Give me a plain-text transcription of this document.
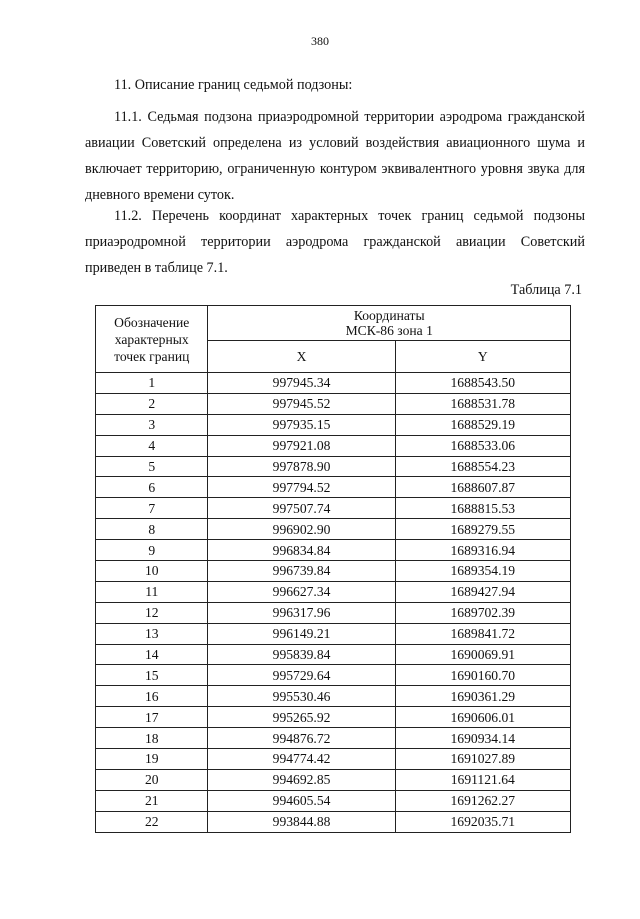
380

11. Описание границ седьмой подзоны:

11.1. Седьмая подзона приаэродромной территории аэродрома гражданской авиации Советский определена из условий воздействия авиационного шума и включает территорию, ограниченную контуром эквивалентного уровня звука для дневного времени суток.

11.2. Перечень координат характерных точек границ седьмой подзоны приаэродромной территории аэродрома гражданской авиации Советский приведен в таблице 7.1.

Таблица 7.1
Обозначение
характерных
точек границ	Координаты
МСК-86 зона 1	
	X	Y
1	997945.34	1688543.50
2	997945.52	1688531.78
3	997935.15	1688529.19
4	997921.08	1688533.06
5	997878.90	1688554.23
6	997794.52	1688607.87
7	997507.74	1688815.53
8	996902.90	1689279.55
9	996834.84	1689316.94
10	996739.84	1689354.19
11	996627.34	1689427.94
12	996317.96	1689702.39
13	996149.21	1689841.72
14	995839.84	1690069.91
15	995729.64	1690160.70
16	995530.46	1690361.29
17	995265.92	1690606.01
18	994876.72	1690934.14
19	994774.42	1691027.89
20	994692.85	1691121.64
21	994605.54	1691262.27
22	993844.88	1692035.71
